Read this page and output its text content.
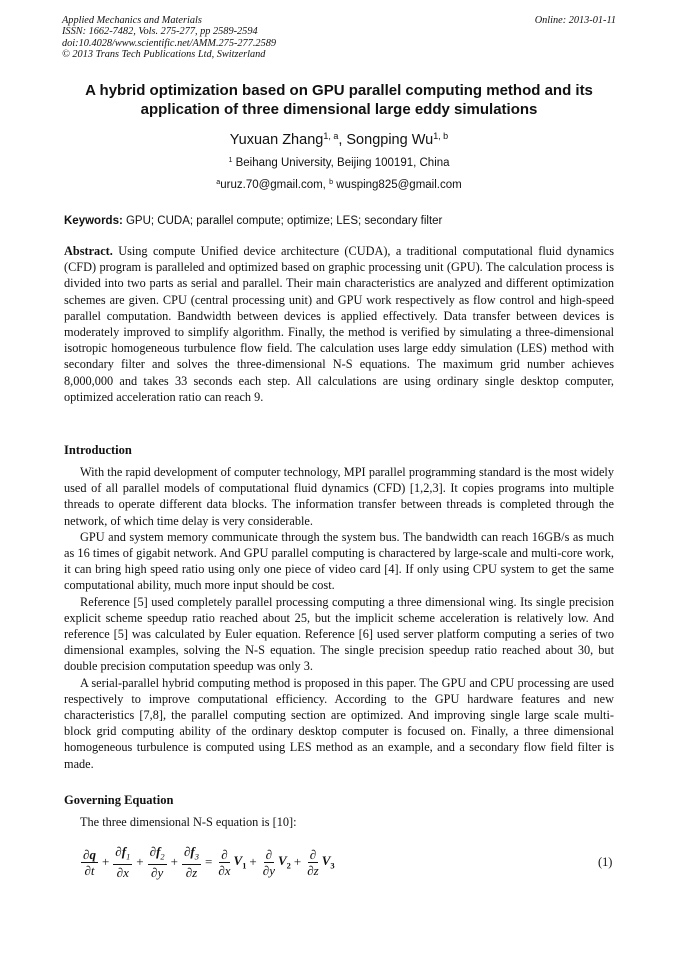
Applied Mechanics and Materials
ISSN: 1662-7482, Vols. 275-277, pp 2589-2594
doi:10.4028/www.scientific.net/AMM.275-277.2589
© 2013 Trans Tech Publications Ltd, Switzerland
Online: 2013-01-11
A hybrid optimization based on GPU parallel computing method and its
application of three dimensional large eddy simulations
Yuxuan Zhang$^{1, a}$, Songping Wu$^{1, b}$
$^1$ Beihang University, Beijing 100191, China
$^a$uruz.70@gmail.com, $^b$ wusping825@gmail.com
Keywords: GPU; CUDA; parallel compute; optimize; LES; secondary filter
Abstract. Using compute Unified device architecture (CUDA), a traditional computational fluid dynamics (CFD) program is paralleled and optimized based on graphic processing unit (GPU). The calculation process is divided into two parts as serial and parallel. Their main characteristics are analyzed and different optimization schemes are given. CPU (central processing unit) and GPU work respectively as flow control and high-speed parallel computation. Bandwidth between devices is applied effectively. Data transfer between devices is moderately improved to simplify algorithm. Finally, the method is verified by simulating a three-dimensional isotropic homogeneous turbulence flow field. The calculation uses large eddy simulation (LES) method with secondary filter and solves the three-dimensional N-S equations. The maximum grid number achieves 8,000,000 and takes 33 seconds each step. All calculations are using ordinary single desktop computer, optimized acceleration ratio can reach 9.
Introduction

With the rapid development of computer technology, MPI parallel programming standard is the most widely used of all parallel models of computational fluid dynamics (CFD) [1,2,3]. It copies programs into multiple threads to operate different data blocks. The information transfer between threads is completed through the network, of which time delay is very considerable.

GPU and system memory communicate through the system bus. The bandwidth can reach 16GB/s as much as 16 times of gigabit network. And GPU parallel computing is charactered by large-scale and multi-core work, it can bring high speed ratio using only one piece of video card [4]. If only using CPU system to get the same computational ability, much more input should be cost.

Reference [5] used completely parallel processing computing a three dimensional wing. Its single precision explicit scheme speedup ratio reached about 25, but the implicit scheme acceleration is relatively low. And reference [5] was calculated by Euler equation. Reference [6] used server platform computing a series of two dimensional examples, solving the N-S equation. The single precision speedup ratio reached about 30, but double precision computation speedup was only 3.

A serial-parallel hybrid computing method is proposed in this paper. The GPU and CPU processing are used respectively to improve computational efficiency. According to the GPU hardware features and new characteristics [7,8], the parallel computing section are optimized. And improving single large scale multi-block grid computing ability of the ordinary desktop computer is focused on. Finally, a three dimensional homogeneous turbulence is computed using LES method as an example, and a secondary flow field filter is made.

Governing Equation

The three dimensional N-S equation is [10]:

$\frac{\partial q}{\partial t} + \frac{\partial f_1}{\partial x} + \frac{\partial f_2}{\partial y} + \frac{\partial f_3}{\partial z} = \frac{\partial}{\partial x} V_1 + \frac{\partial}{\partial y} V_2 + \frac{\partial}{\partial z} V_3$	(1)
